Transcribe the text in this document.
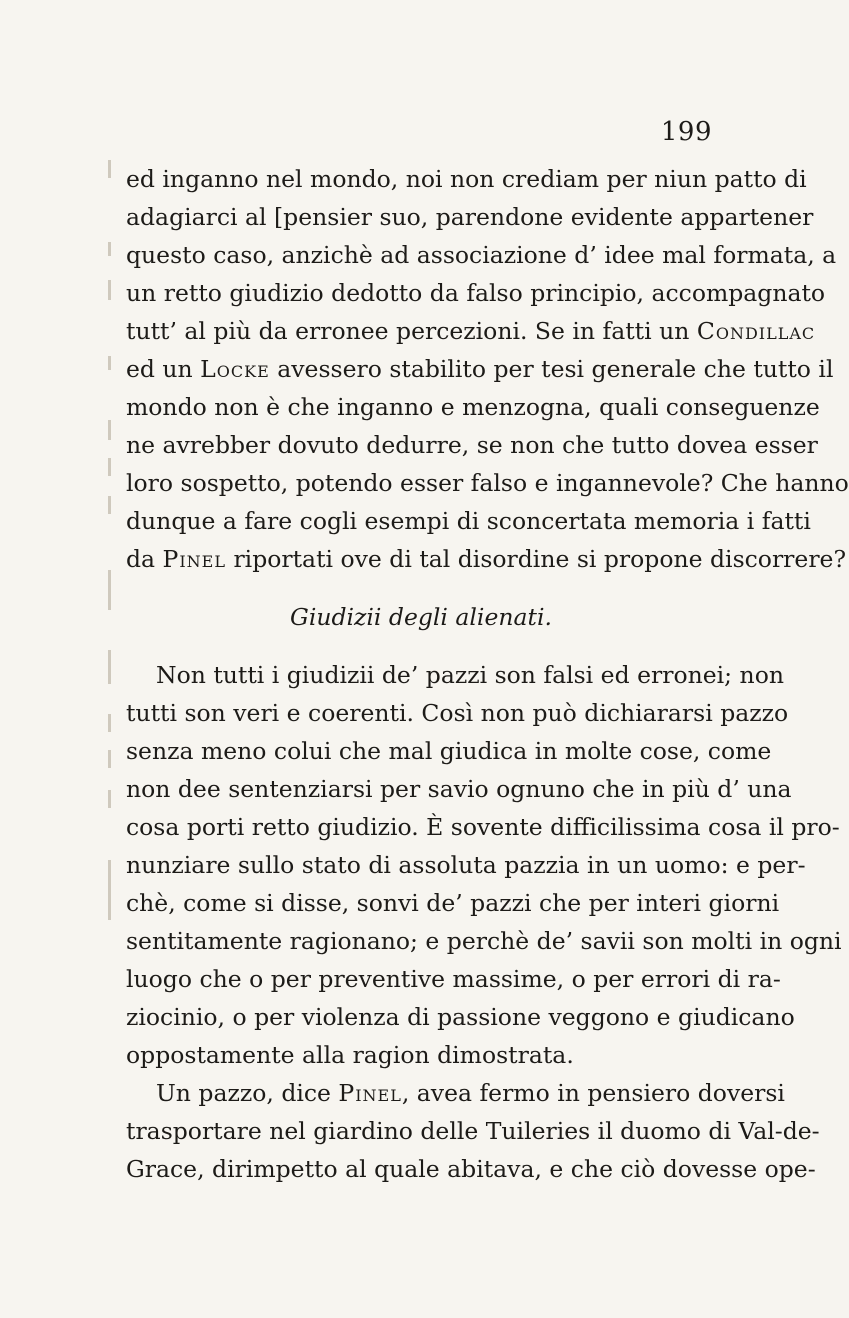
199
ed inganno nel mondo, noi non crediam per niun patto di
adagiarci al [pensier suo, parendone evidente appartener
questo caso, anzichè ad associazione d’ idee mal formata, a
un retto giudizio dedotto da falso principio, accompagnato
tutt’ al più da erronee percezioni. Se in fatti un Condillac
ed un Locke avessero stabilito per tesi generale che tutto il
mondo non è che inganno e menzogna, quali conseguenze
ne avrebber dovuto dedurre, se non che tutto dovea esser
loro sospetto, potendo esser falso e ingannevole? Che hanno
dunque a fare cogli esempi di sconcertata memoria i fatti
da Pinel riportati ove di tal disordine si propone discorrere?
Giudizii degli alienati.
Non tutti i giudizii de’ pazzi son falsi ed erronei; non
tutti son veri e coerenti. Così non può dichiararsi pazzo
senza meno colui che mal giudica in molte cose, come
non dee sentenziarsi per savio ognuno che in più d’ una
cosa porti retto giudizio. È sovente difficilissima cosa il pro-
nunziare sullo stato di assoluta pazzia in un uomo: e per-
chè, come si disse, sonvi de’ pazzi che per interi giorni
sentitamente ragionano; e perchè de’ savii son molti in ogni
luogo che o per preventive massime, o per errori di ra-
ziocinio, o per violenza di passione veggono e giudicano
oppostamente alla ragion dimostrata.
Un pazzo, dice Pinel, avea fermo in pensiero doversi
trasportare nel giardino delle Tuileries il duomo di Val-de-
Grace, dirimpetto al quale abitava, e che ciò dovesse ope-
